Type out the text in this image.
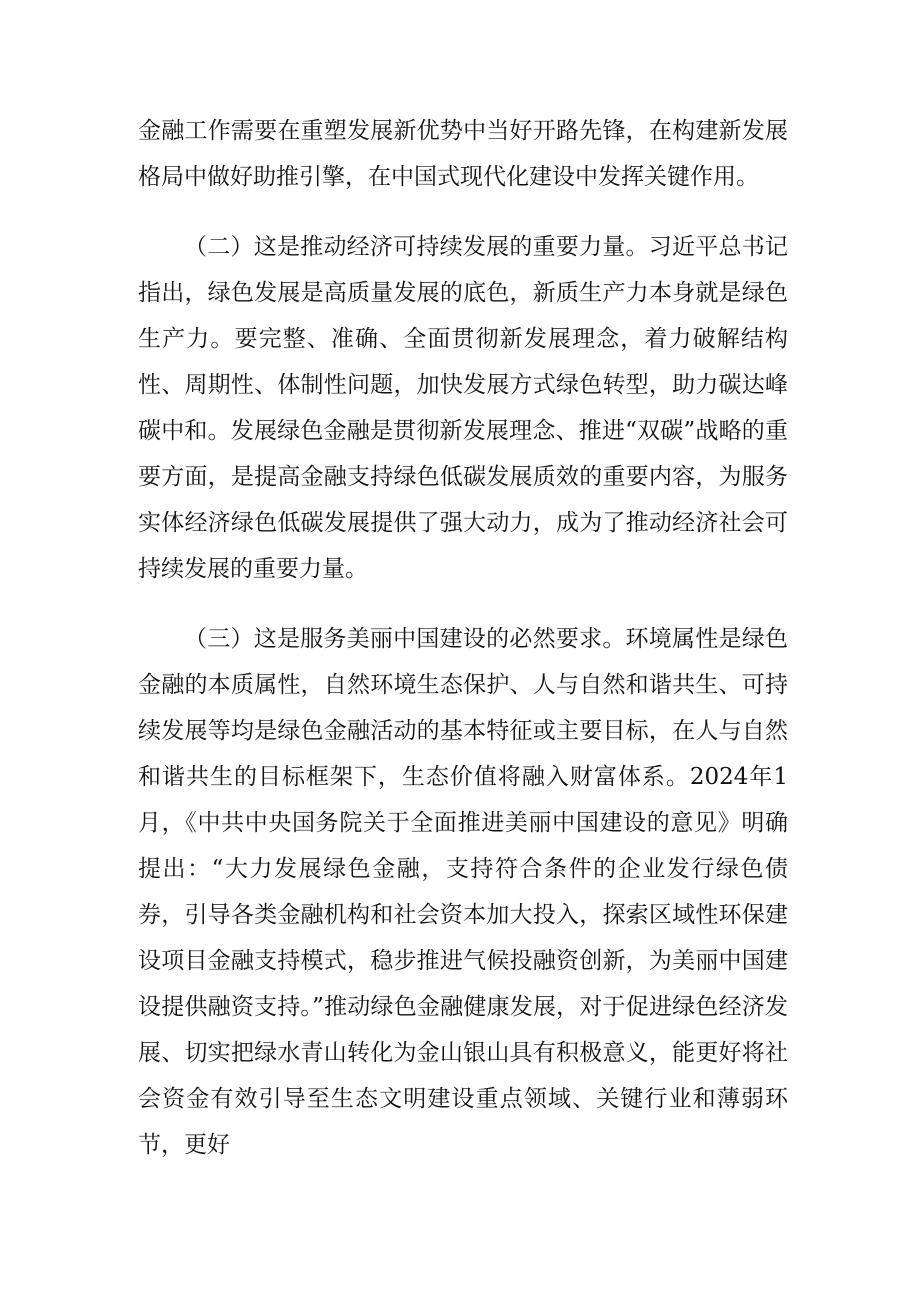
金融工作需要在重塑发展新优势中当好开路先锋，在构建新发展格局中做好助推引擎，在中国式现代化建设中发挥关键作用。

（二）这是推动经济可持续发展的重要力量。习近平总书记指出，绿色发展是高质量发展的底色，新质生产力本身就是绿色生产力。要完整、准确、全面贯彻新发展理念，着力破解结构性、周期性、体制性问题，加快发展方式绿色转型，助力碳达峰碳中和。发展绿色金融是贯彻新发展理念、推进“双碳”战略的重要方面，是提高金融支持绿色低碳发展质效的重要内容，为服务实体经济绿色低碳发展提供了强大动力，成为了推动经济社会可持续发展的重要力量。

（三）这是服务美丽中国建设的必然要求。环境属性是绿色金融的本质属性，自然环境生态保护、人与自然和谐共生、可持续发展等均是绿色金融活动的基本特征或主要目标，在人与自然和谐共生的目标框架下，生态价值将融入财富体系。2024年1月，《中共中央国务院关于全面推进美丽中国建设的意见》明确提出：“大力发展绿色金融，支持符合条件的企业发行绿色债券，引导各类金融机构和社会资本加大投入，探索区域性环保建设项目金融支持模式，稳步推进气候投融资创新，为美丽中国建设提供融资支持。”推动绿色金融健康发展，对于促进绿色经济发展、切实把绿水青山转化为金山银山具有积极意义，能更好将社会资金有效引导至生态文明建设重点领域、关键行业和薄弱环节，更好
